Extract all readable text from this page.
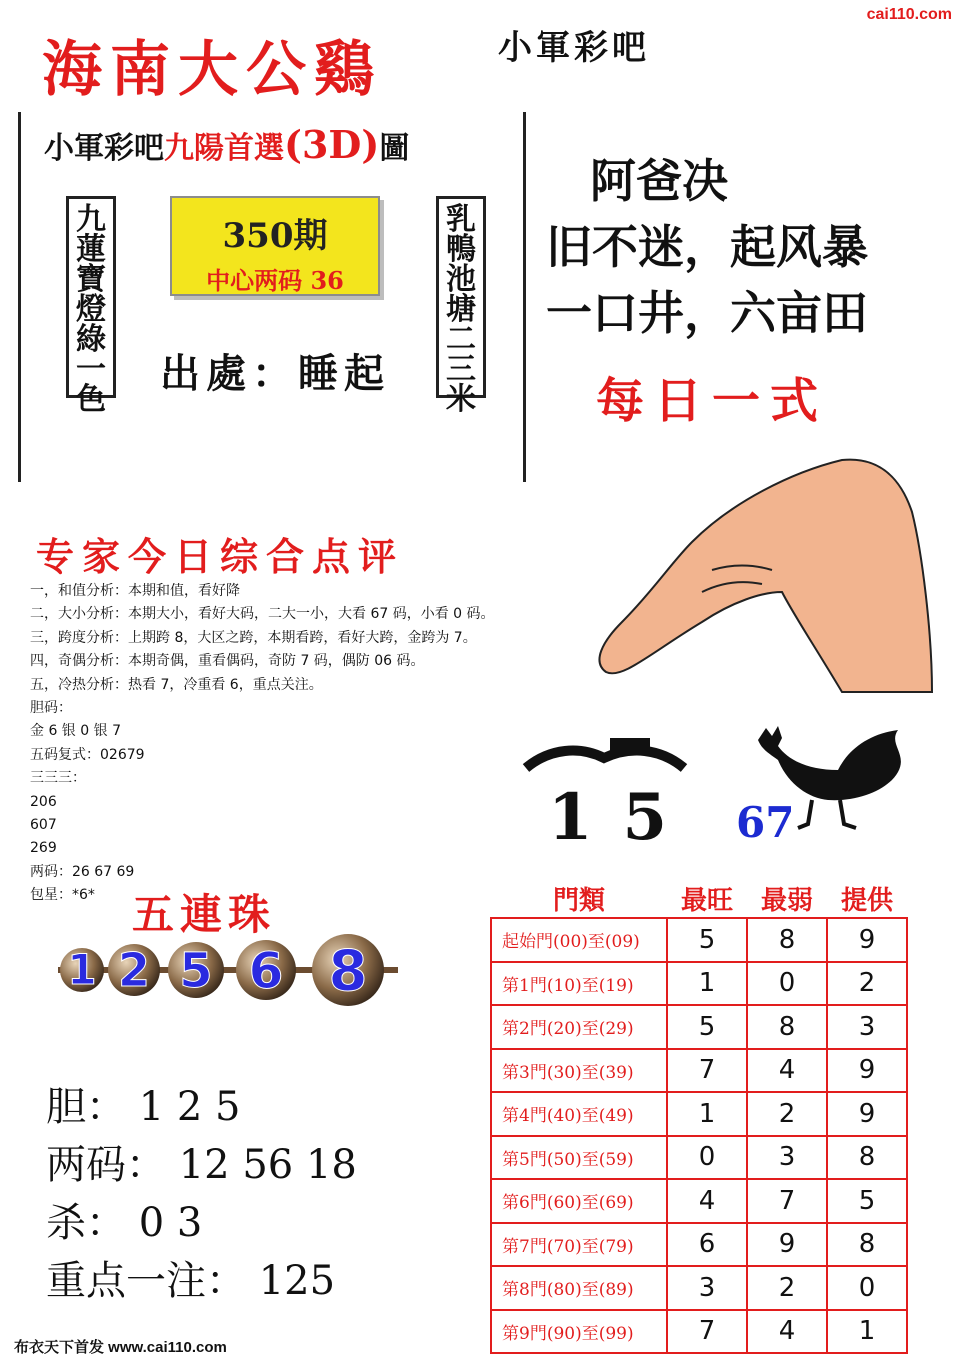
cai110.com
海南大公鷄	小軍彩吧
小軍彩吧九陽首選(3D)圖
九蓮寶燈綠一色
乳鴨池塘二三米
350期
中心两码 36
出處：睡起
阿爸决
旧不迷，起风暴
一口井，六亩田
每日一式
专家今日综合点评
一，和值分析：本期和值，看好降
二，大小分析：本期大小，看好大码，二大一小，大看 67 码，小看 0 码。
三，跨度分析：上期跨 8，大区之跨，本期看跨，看好大跨，金跨为 7。
四，奇偶分析：本期奇偶，重看偶码，奇防 7 码，偶防 06 码。
五，冷热分析：热看 7，冷重看 6，重点关注。
胆码：
金 6 银 0 银 7
五码复式：02679
三三三：
206
607
269
两码：26 67 69
包星：*6*
15 67
五連珠
1 2 5 6 8
胆： 1 2 5
两码： 12 56 18
杀： 0 3
重点一注： 125
門類	最旺	最弱	提供
起始門(00)至(09)	5	8	9
第1門(10)至(19)	1	0	2
第2門(20)至(29)	5	8	3
第3門(30)至(39)	7	4	9
第4門(40)至(49)	1	2	9
第5門(50)至(59)	0	3	8
第6門(60)至(69)	4	7	5
第7門(70)至(79)	6	9	8
第8門(80)至(89)	3	2	0
第9門(90)至(99)	7	4	1
布衣天下首发 www.cai110.com
